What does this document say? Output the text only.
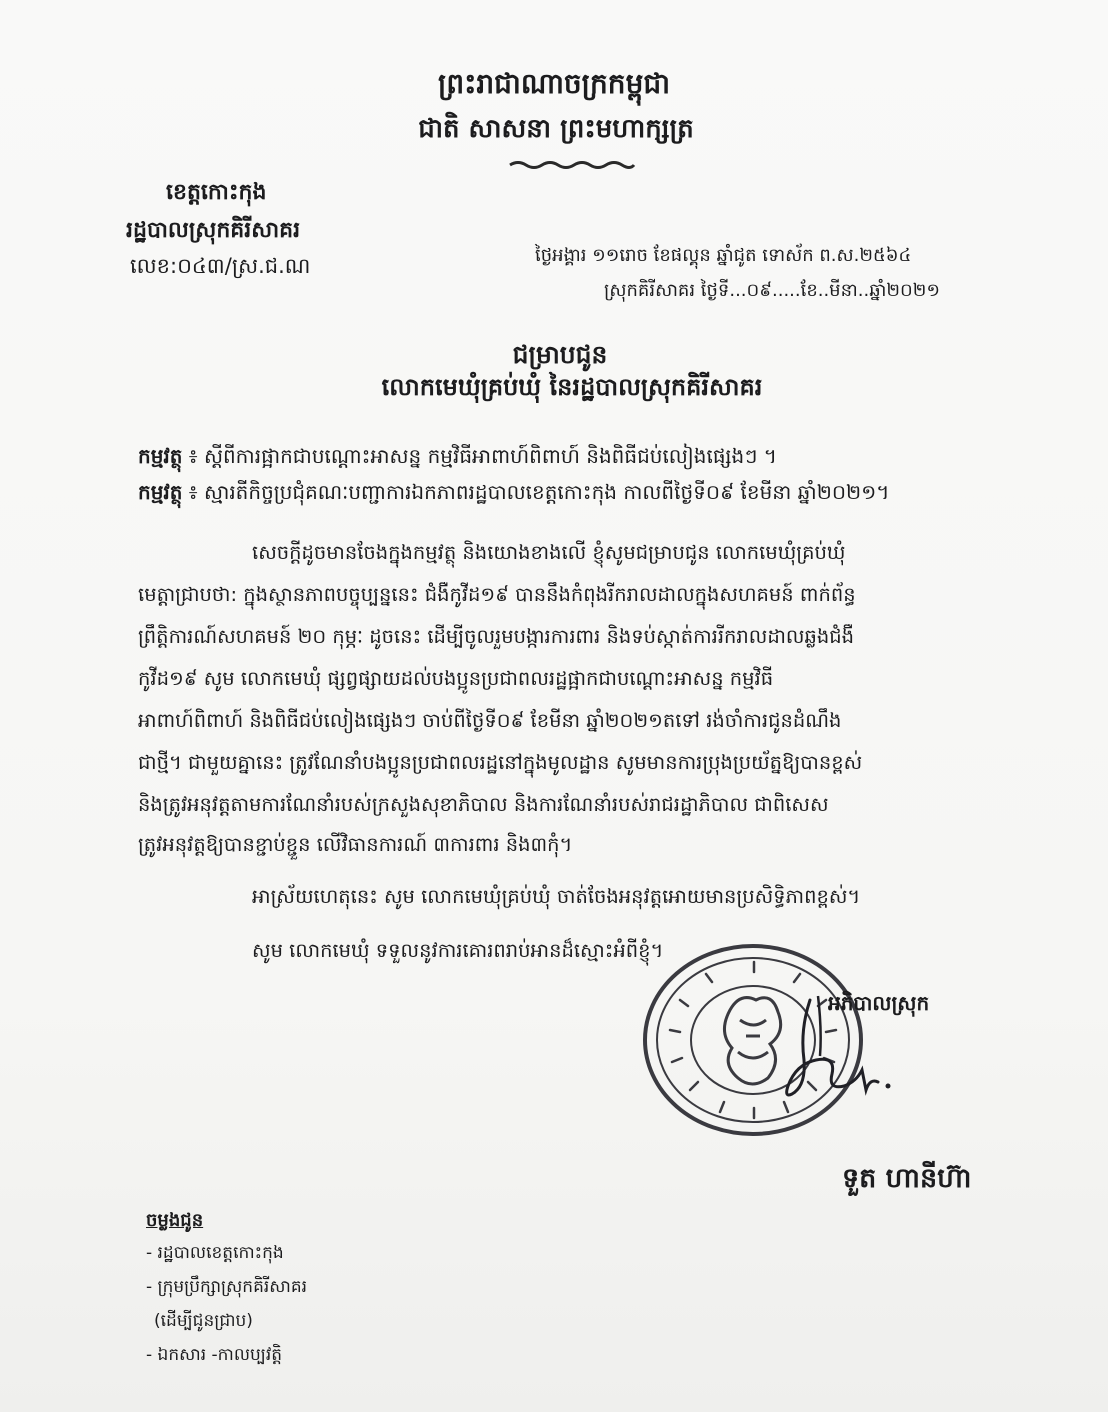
ព្រះរាជាណាចក្រកម្ពុជា
ជាតិ សាសនា ព្រះមហាក្សត្រ
ខេត្តកោះកុង
រដ្ឋបាលស្រុកគិរីសាគរ
លេខ:០៤៣/ស្រ.ជ.ណ	ថ្ងៃអង្គារ ១១រោច ខែផល្គុន ឆ្នាំជូត ទោស័ក ព.ស.២៥៦៤
ស្រុកគិរីសាគរ ថ្ងៃទី...០៩.....ខែ..មីនា..ឆ្នាំ២០២១
ជម្រាបជូន
លោកមេឃុំគ្រប់ឃុំ នៃរដ្ឋបាលស្រុកគិរីសាគរ
កម្មវត្ថុ ៖ ស្តីពីការផ្អាកជាបណ្តោះអាសន្ន កម្មវិធីអាពាហ៍ពិពាហ៍ និងពិធីជប់លៀងផ្សេងៗ ។
កម្មវត្ថុ ៖ ស្មារតីកិច្ចប្រជុំគណៈបញ្ជាការឯកភាពរដ្ឋបាលខេត្តកោះកុង កាលពីថ្ងៃទី០៩ ខែមីនា ឆ្នាំ២០២១។
សេចក្តីដូចមានចែងក្នុងកម្មវត្ថុ និងយោងខាងលើ ខ្ញុំសូមជម្រាបជូន លោកមេឃុំគ្រប់ឃុំ
មេត្តាជ្រាបថា: ក្នុងស្ថានភាពបច្ចុប្បន្ននេះ ជំងឺកូវីដ១៩ បាននឹងកំពុងរីករាលដាលក្នុងសហគមន៍ ពាក់ព័ន្ធ
ព្រឹត្តិការណ៍សហគមន៍ ២០ កុម្ភៈ ដូចនេះ ដើម្បីចូលរួមបង្ការការពារ និងទប់ស្កាត់ការរីករាលដាលឆ្លងជំងឺ
កូវីដ១៩ សូម លោកមេឃុំ ផ្សព្វផ្សាយដល់បងប្អូនប្រជាពលរដ្ឋផ្អាកជាបណ្តោះអាសន្ន កម្មវិធី
អាពាហ៍ពិពាហ៍ និងពិធីជប់លៀងផ្សេងៗ ចាប់ពីថ្ងៃទី០៩ ខែមីនា ឆ្នាំ២០២១តទៅ រង់ចាំការជូនដំណឹង
ជាថ្មី។ ជាមួយគ្នានេះ ត្រូវណែនាំបងប្អូនប្រជាពលរដ្ឋនៅក្នុងមូលដ្ឋាន សូមមានការប្រុងប្រយ័ត្នឱ្យបានខ្ពស់
និងត្រូវអនុវត្តតាមការណែនាំរបស់ក្រសួងសុខាភិបាល និងការណែនាំរបស់រាជរដ្ឋាភិបាល ជាពិសេស
ត្រូវអនុវត្តឱ្យបានខ្ជាប់ខ្ជួន លើវិធានការណ៍ ៣ការពារ និង៣កុំ។
អាស្រ័យហេតុនេះ សូម លោកមេឃុំគ្រប់ឃុំ ចាត់ចែងអនុវត្តអោយមានប្រសិទ្ធិភាពខ្ពស់។
សូម លោកមេឃុំ ទទួលនូវការគោរពរាប់អានដ៏ស្មោះអំពីខ្ញុំ។
អភិបាលស្រុក
ទួត ហានីហ៊ា
ចម្លងជូន
- រដ្ឋបាលខេត្តកោះកុង
- ក្រុមប្រឹក្សាស្រុកគិរីសាគរ
(ដើម្បីជូនជ្រាប)
- ឯកសារ -កាលប្បវត្តិ
